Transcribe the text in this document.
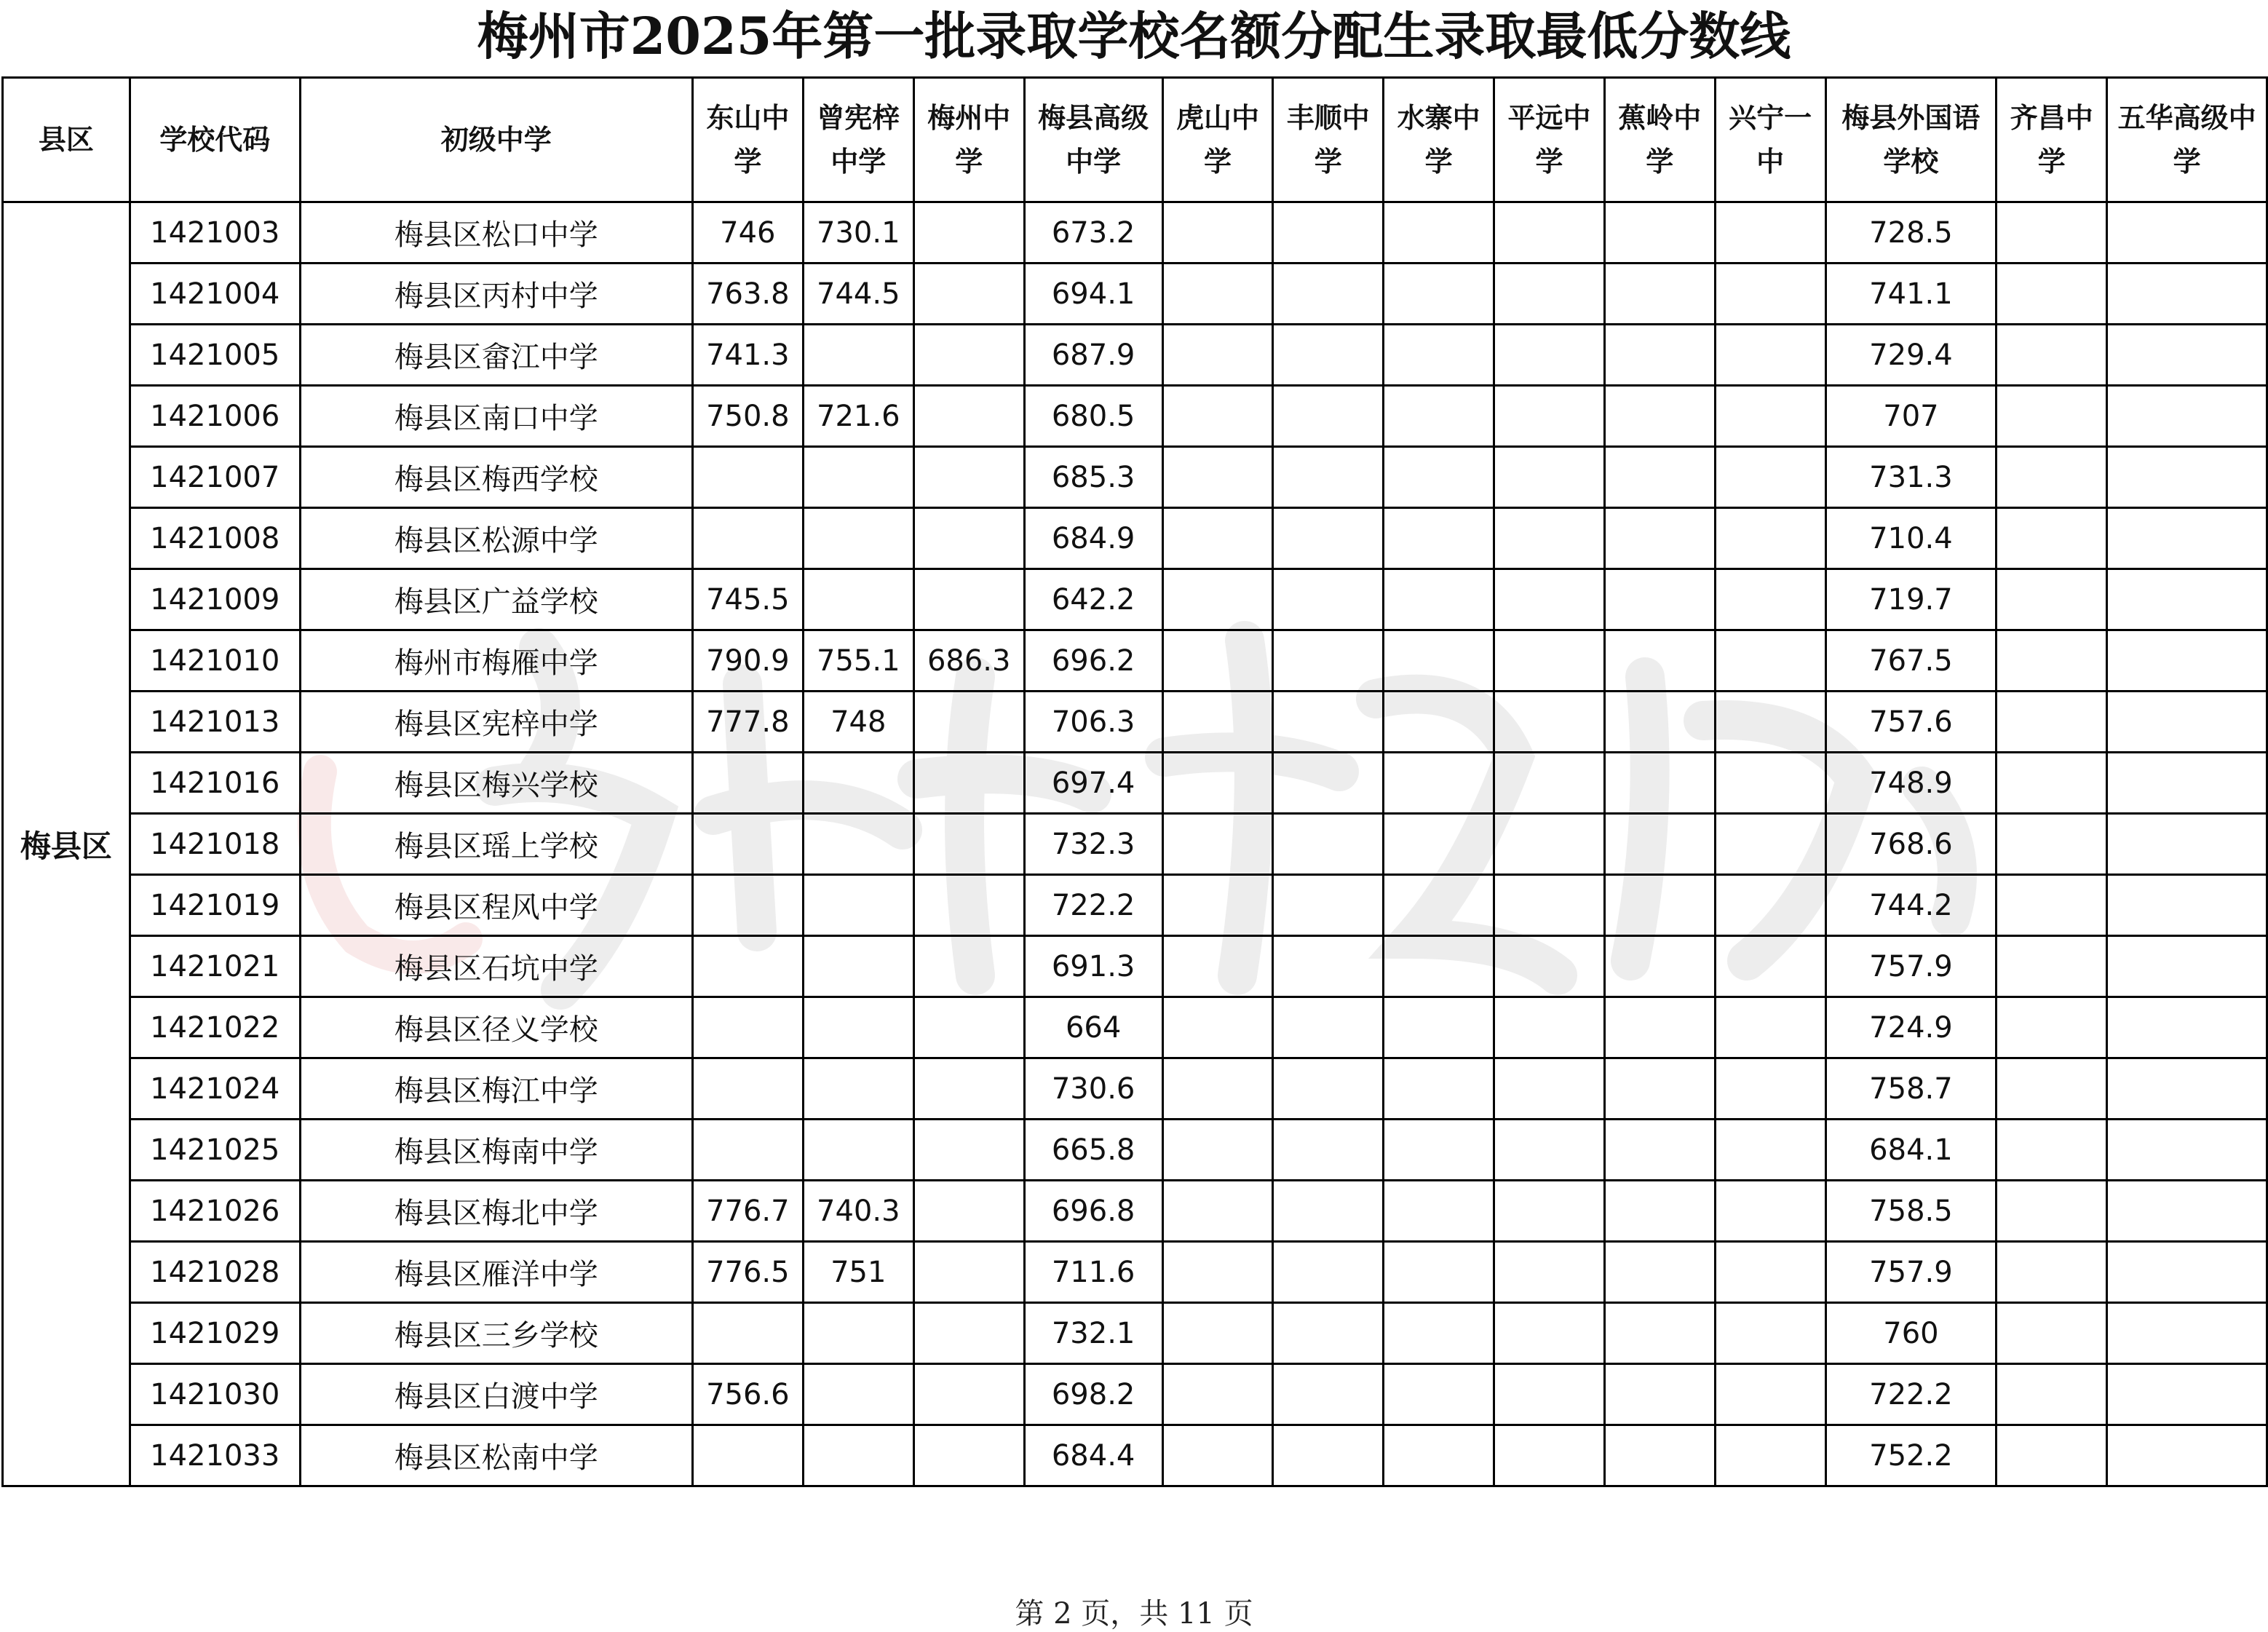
梅州市2025年第一批录取学校名额分配生录取最低分数线
县区	学校代码	初级中学	东山中学	曾宪梓中学	梅州中学	梅县高级中学	虎山中学	丰顺中学	水寨中学	平远中学	蕉岭中学	兴宁一中	梅县外国语学校	齐昌中学	五华高级中学

梅县区	1421003	梅县区松口中学	746	730.1		673.2							728.5		
	1421004	梅县区丙村中学	763.8	744.5		694.1							741.1		
	1421005	梅县区畲江中学	741.3			687.9							729.4		
	1421006	梅县区南口中学	750.8	721.6		680.5							707		
	1421007	梅县区梅西学校				685.3							731.3		
	1421008	梅县区松源中学				684.9							710.4		
	1421009	梅县区广益学校	745.5			642.2							719.7		
	1421010	梅州市梅雁中学	790.9	755.1	686.3	696.2							767.5		
	1421013	梅县区宪梓中学	777.8	748		706.3							757.6		
	1421016	梅县区梅兴学校				697.4							748.9		
	1421018	梅县区瑶上学校				732.3							768.6		
	1421019	梅县区程风中学				722.2							744.2		
	1421021	梅县区石坑中学				691.3							757.9		
	1421022	梅县区径义学校				664							724.9		
	1421024	梅县区梅江中学				730.6							758.7		
	1421025	梅县区梅南中学				665.8							684.1		
	1421026	梅县区梅北中学	776.7	740.3		696.8							758.5		
	1421028	梅县区雁洋中学	776.5	751		711.6							757.9		
	1421029	梅县区三乡学校				732.1							760		
	1421030	梅县区白渡中学	756.6			698.2							722.2		
	1421033	梅县区松南中学				684.4							752.2		
第 2 页，共 11 页
